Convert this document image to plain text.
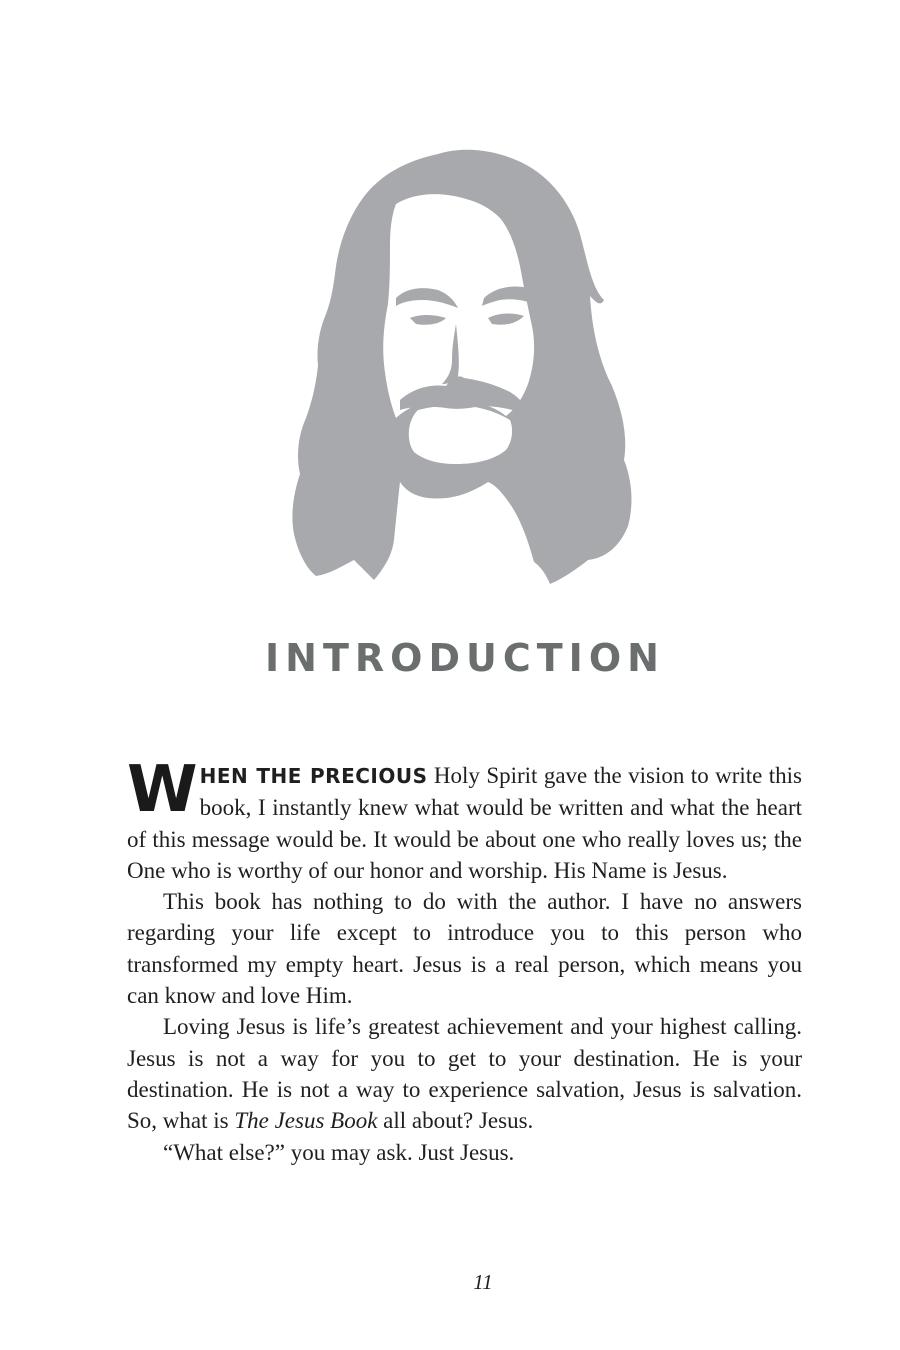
INTRODUCTION

WHEN THE PRECIOUS Holy Spirit gave the vision to write this book, I instantly knew what would be written and what the heart of this message would be. It would be about one who really loves us; the One who is worthy of our honor and worship. His Name is Jesus.

This book has nothing to do with the author. I have no answers regarding your life except to introduce you to this person who transformed my empty heart. Jesus is a real person, which means you can know and love Him.

Loving Jesus is life’s greatest achievement and your highest calling. Jesus is not a way for you to get to your destination. He is your destination. He is not a way to experience salvation, Jesus is salvation. So, what is The Jesus Book all about? Jesus.

“What else?” you may ask. Just Jesus.

11
